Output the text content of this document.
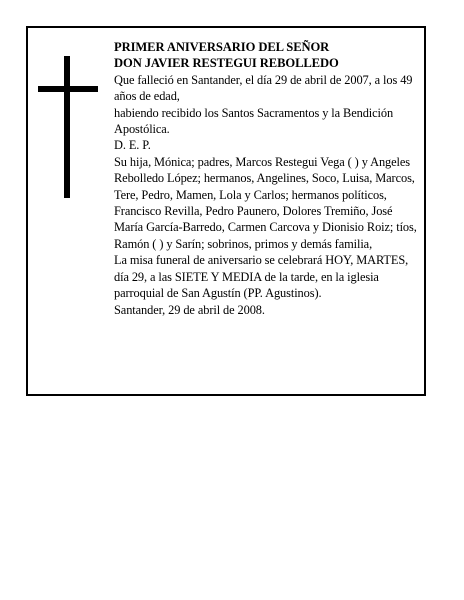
PRIMER ANIVERSARIO DEL SEÑOR

DON JAVIER RESTEGUI REBOLLEDO

Que falleció en Santander, el día 29 de abril de 2007, a los 49 años de edad,

habiendo recibido los Santos Sacramentos y la Bendición Apostólica.

D. E. P.

Su hija, Mónica; padres, Marcos Restegui Vega ( ) y Angeles Rebolledo López; hermanos, Angelines, Soco, Luisa, Marcos, Tere, Pedro, Mamen, Lola y Carlos; hermanos políticos, Francisco Revilla, Pedro Paunero, Dolores Tremiño, José María García-Barredo, Carmen Carcova y Dionisio Roiz; tíos, Ramón ( ) y Sarín; sobrinos, primos y demás familia,

La misa funeral de aniversario se celebrará HOY, MARTES, día 29, a las SIETE Y MEDIA de la tarde, en la iglesia parroquial de San Agustín (PP. Agustinos).

Santander, 29 de abril de 2008.
